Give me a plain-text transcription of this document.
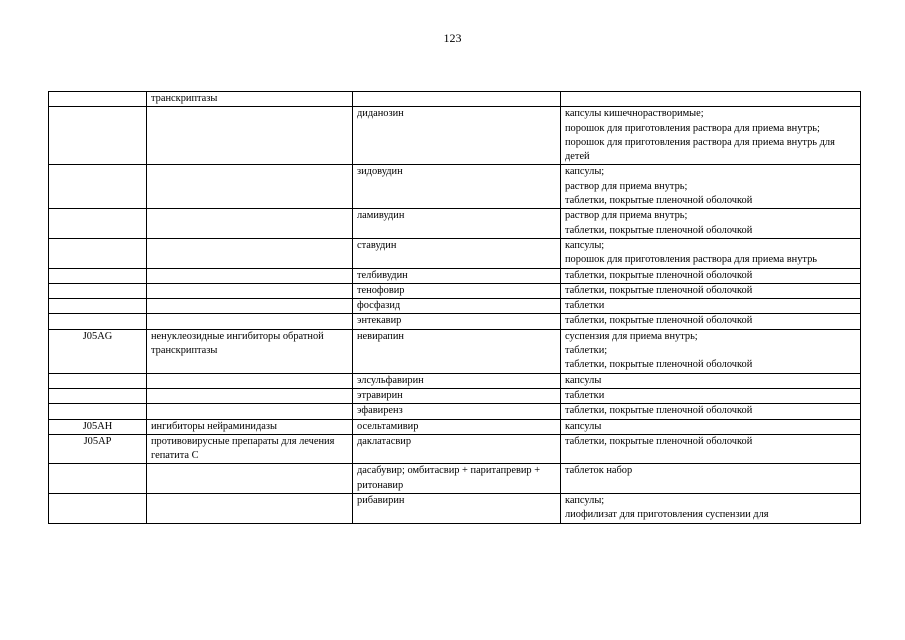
123
	транскриптазы		
		диданозин	капсулы кишечнорастворимые;
порошок для приготовления раствора для приема внутрь;
порошок для приготовления раствора для приема внутрь для детей
		зидовудин	капсулы;
раствор для приема внутрь;
таблетки, покрытые пленочной оболочкой
		ламивудин	раствор для приема внутрь;
таблетки, покрытые пленочной оболочкой
		ставудин	капсулы;
порошок для приготовления раствора для приема внутрь
		телбивудин	таблетки, покрытые пленочной оболочкой
		тенофовир	таблетки, покрытые пленочной оболочкой
		фосфазид	таблетки
		энтекавир	таблетки, покрытые пленочной оболочкой
J05AG	ненуклеозидные ингибиторы обратной транскриптазы	невирапин	суспензия для приема внутрь;
таблетки;
таблетки, покрытые пленочной оболочкой
		элсульфавирин	капсулы
		этравирин	таблетки
		эфавиренз	таблетки, покрытые пленочной оболочкой
J05AH	ингибиторы нейраминидазы	осельтамивир	капсулы
J05AP	противовирусные препараты для лечения гепатита С	даклатасвир	таблетки, покрытые пленочной оболочкой
		дасабувир; омбитасвир + паритапревир + ритонавир	таблеток набор
		рибавирин	капсулы;
лиофилизат для приготовления суспензии для
